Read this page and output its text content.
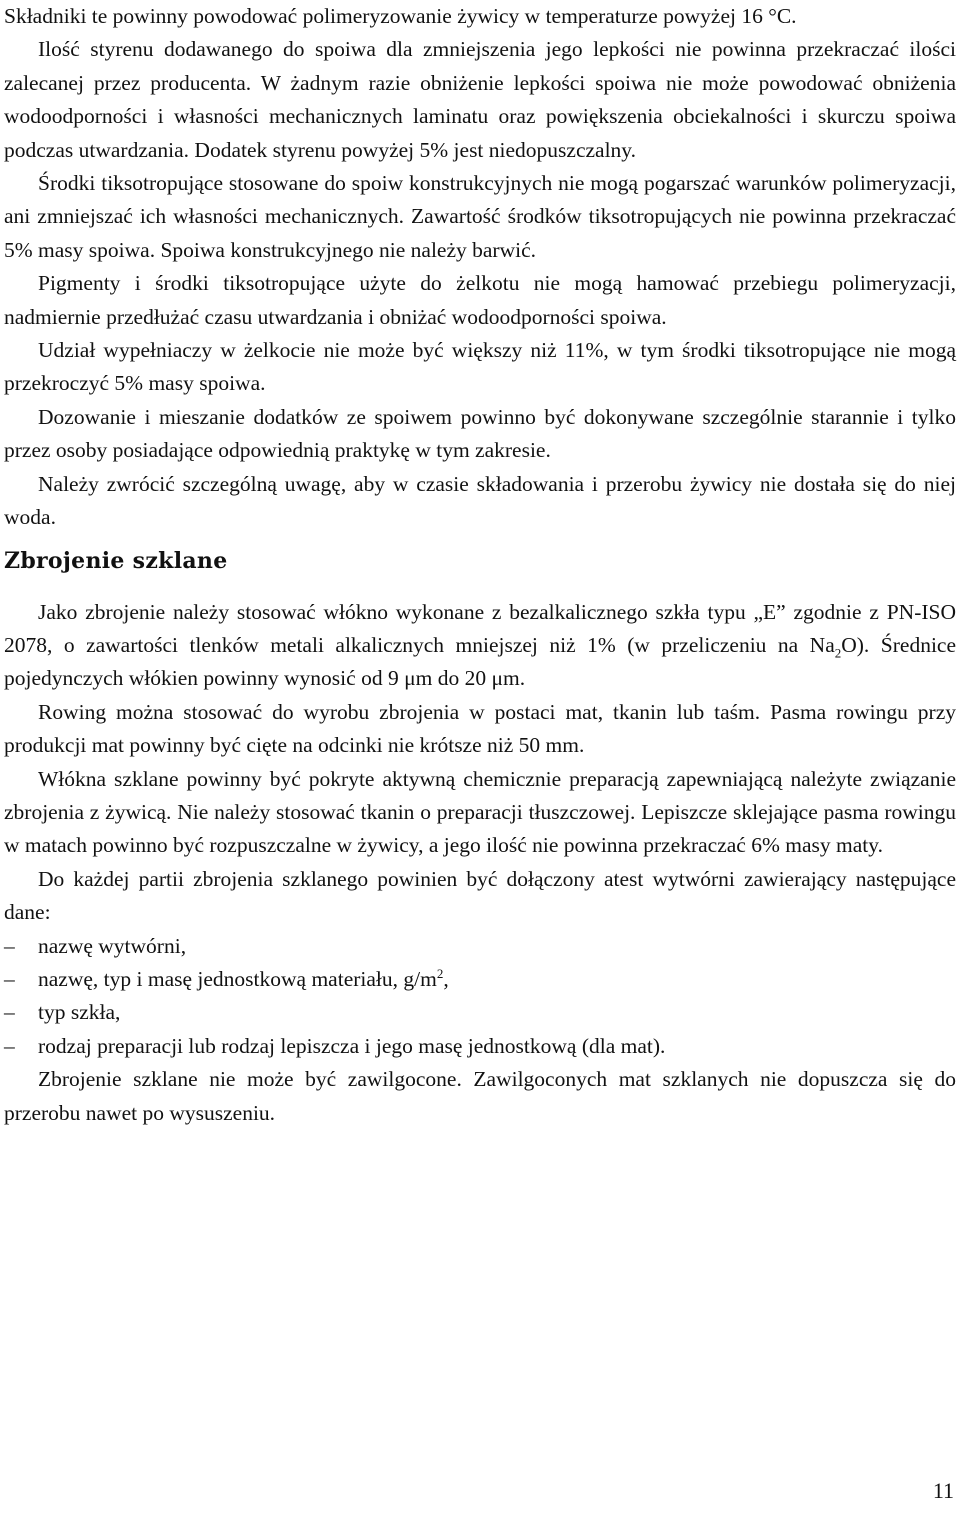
Składniki te powinny powodować polimeryzowanie żywicy w temperaturze powyżej 16 °C.

Ilość styrenu dodawanego do spoiwa dla zmniejszenia jego lepkości nie powinna przekraczać ilości zalecanej przez producenta. W żadnym razie obniżenie lepkości spoiwa nie może powodować obniżenia wodoodporności i własności mechanicznych laminatu oraz powiększenia obciekalności i skurczu spoiwa podczas utwardzania. Dodatek styrenu powyżej 5% jest niedopuszczalny.

Środki tiksotropujące stosowane do spoiw konstrukcyjnych nie mogą pogarszać warunków polimeryzacji, ani zmniejszać ich własności mechanicznych. Zawartość środków tiksotropujących nie powinna przekraczać 5% masy spoiwa. Spoiwa konstrukcyjnego nie należy barwić.

Pigmenty i środki tiksotropujące użyte do żelkotu nie mogą hamować przebiegu polimeryzacji, nadmiernie przedłużać czasu utwardzania i obniżać wodoodporności spoiwa.

Udział wypełniaczy w żelkocie nie może być większy niż 11%, w tym środki tiksotropujące nie mogą przekroczyć 5% masy spoiwa.

Dozowanie i mieszanie dodatków ze spoiwem powinno być dokonywane szczególnie starannie i tylko przez osoby posiadające odpowiednią praktykę w tym zakresie.

Należy zwrócić szczególną uwagę, aby w czasie składowania i przerobu żywicy nie dostała się do niej woda.

Zbrojenie szklane

Jako zbrojenie należy stosować włókno wykonane z bezalkalicznego szkła typu „E” zgodnie z PN-ISO 2078, o zawartości tlenków metali alkalicznych mniejszej niż 1% (w przeliczeniu na $Na_2O$). Średnice pojedynczych włókien powinny wynosić od 9 μm do 20 μm.

Rowing można stosować do wyrobu zbrojenia w postaci mat, tkanin lub taśm. Pasma rowingu przy produkcji mat powinny być cięte na odcinki nie krótsze niż 50 mm.

Włókna szklane powinny być pokryte aktywną chemicznie preparacją zapewniającą należyte związanie zbrojenia z żywicą. Nie należy stosować tkanin o preparacji tłuszczowej. Lepiszcze sklejające pasma rowingu w matach powinno być rozpuszczalne w żywicy, a jego ilość nie powinna przekraczać 6% masy maty.

Do każdej partii zbrojenia szklanego powinien być dołączony atest wytwórni zawierający następujące dane:

– nazwę wytwórni,
– nazwę, typ i masę jednostkową materiału, $g/m^2$,
– typ szkła,
– rodzaj preparacji lub rodzaj lepiszcza i jego masę jednostkową (dla mat).

Zbrojenie szklane nie może być zawilgocone. Zawilgoconych mat szklanych nie dopuszcza się do przerobu nawet po wysuszeniu.

11
